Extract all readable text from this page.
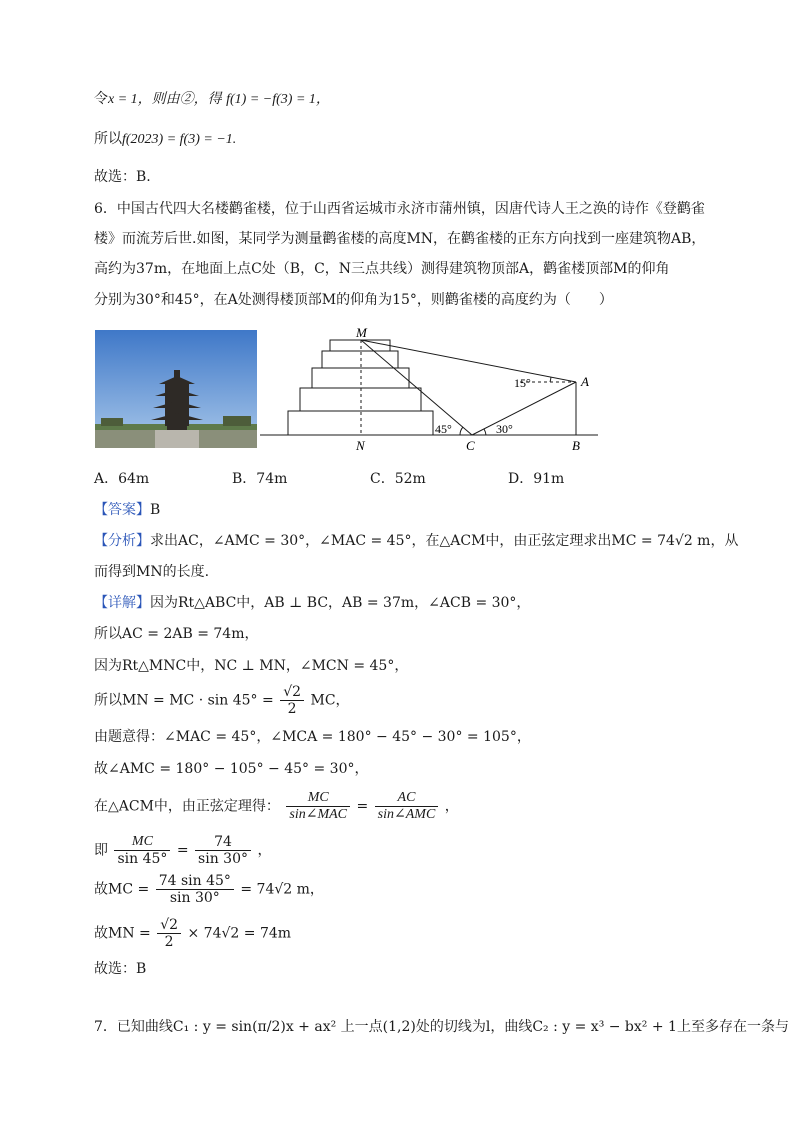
令x = 1，则由②，得 f(1) = −f(3) = 1，
所以f(2023) = f(3) = −1.
故选：B.
6．中国古代四大名楼鹳雀楼，位于山西省运城市永济市蒲州镇，因唐代诗人王之涣的诗作《登鹳雀
楼》而流芳后世.如图，某同学为测量鹳雀楼的高度MN，在鹳雀楼的正东方向找到一座建筑物AB，
高约为37m，在地面上点C处（B，C，N三点共线）测得建筑物顶部A，鹳雀楼顶部M的仰角
分别为30°和45°，在A处测得楼顶部M的仰角为15°，则鹳雀楼的高度约为（　　）
M
N	C	B
A
45°	30°
15°
A．64m	B．74m	C．52m	D．91m
【答案】B
【分析】求出AC，∠AMC = 30°，∠MAC = 45°，在△ACM中，由正弦定理求出MC = 74√2 m，从
而得到MN的长度.
【详解】因为Rt△ABC中，AB ⊥ BC，AB = 37m，∠ACB = 30°，
所以AC = 2AB = 74m，
因为Rt△MNC中，NC ⊥ MN，∠MCN = 45°，
所以MN = MC · $\sin 45^\circ = \frac{√2}{2}$ MC，
由题意得：∠MAC = 45°，∠MCA = 180° − 45° − 30° = 105°，
故∠AMC = 180° − 105° − 45° = 30°，
在△ACM中，由正弦定理得： $\frac{MC}{\text{sin∠MAC}} = \frac{AC}{\text{sin∠AMC}}$ ，
即 $\frac{MC}{\sin 45^\circ} = \frac{74}{\sin 30^\circ}$ ，
故MC = $\frac{74 \sin 45^\circ}{\sin 30^\circ} = 74√2$ m，
故MN = $\frac{√2}{2} \times 74√2 = 74m$
故选：B
7．已知曲线C₁ : y = sin(π/2)x + ax² 上一点(1,2)处的切线为l，曲线C₂ : y = x³ − bx² + 1上至多存在一条与
